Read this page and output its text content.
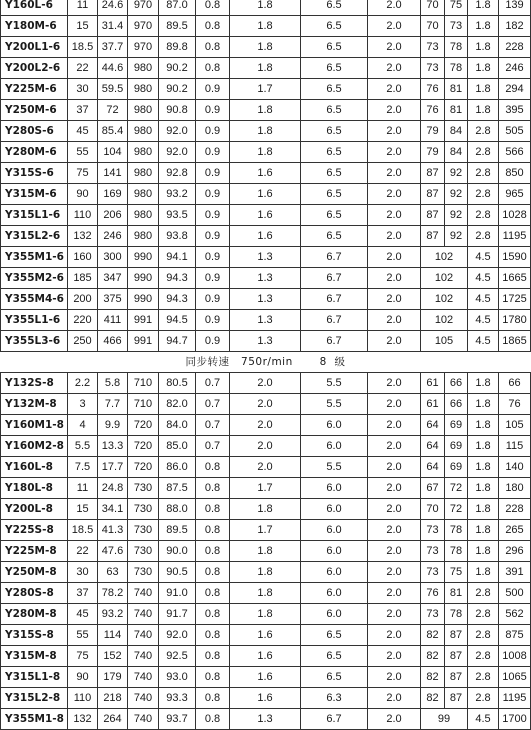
Y160L-6	11	24.6	970	87.0	0.8	1.8	6.5	2.0	70	75	1.8	139
Y180M-6	15	31.4	970	89.5	0.8	1.8	6.5	2.0	70	73	1.8	182
Y200L1-6	18.5	37.7	970	89.8	0.8	1.8	6.5	2.0	73	78	1.8	228
Y200L2-6	22	44.6	980	90.2	0.8	1.8	6.5	2.0	73	78	1.8	246
Y225M-6	30	59.5	980	90.2	0.9	1.7	6.5	2.0	76	81	1.8	294
Y250M-6	37	72	980	90.8	0.9	1.8	6.5	2.0	76	81	1.8	395
Y280S-6	45	85.4	980	92.0	0.9	1.8	6.5	2.0	79	84	2.8	505
Y280M-6	55	104	980	92.0	0.9	1.8	6.5	2.0	79	84	2.8	566
Y315S-6	75	141	980	92.8	0.9	1.6	6.5	2.0	87	92	2.8	850
Y315M-6	90	169	980	93.2	0.9	1.6	6.5	2.0	87	92	2.8	965
Y315L1-6	110	206	980	93.5	0.9	1.6	6.5	2.0	87	92	2.8	1028
Y315L2-6	132	246	980	93.8	0.9	1.6	6.5	2.0	87	92	2.8	1195
Y355M1-6	160	300	990	94.1	0.9	1.3	6.7	2.0	102		4.5	1590
Y355M2-6	185	347	990	94.3	0.9	1.3	6.7	2.0	102		4.5	1665
Y355M4-6	200	375	990	94.3	0.9	1.3	6.7	2.0	102		4.5	1725
Y355L1-6	220	411	991	94.5	0.9	1.3	6.7	2.0	102		4.5	1780
Y355L3-6	250	466	991	94.7	0.9	1.3	6.7	2.0	105		4.5	1865
同步转速   750r/min       8  级												
Y132S-8	2.2	5.8	710	80.5	0.7	2.0	5.5	2.0	61	66	1.8	66
Y132M-8	3	7.7	710	82.0	0.7	2.0	5.5	2.0	61	66	1.8	76
Y160M1-8	4	9.9	720	84.0	0.7	2.0	6.0	2.0	64	69	1.8	105
Y160M2-8	5.5	13.3	720	85.0	0.7	2.0	6.0	2.0	64	69	1.8	115
Y160L-8	7.5	17.7	720	86.0	0.8	2.0	5.5	2.0	64	69	1.8	140
Y180L-8	11	24.8	730	87.5	0.8	1.7	6.0	2.0	67	72	1.8	180
Y200L-8	15	34.1	730	88.0	0.8	1.8	6.0	2.0	70	72	1.8	228
Y225S-8	18.5	41.3	730	89.5	0.8	1.7	6.0	2.0	73	78	1.8	265
Y225M-8	22	47.6	730	90.0	0.8	1.8	6.0	2.0	73	78	1.8	296
Y250M-8	30	63	730	90.5	0.8	1.8	6.0	2.0	73	75	1.8	391
Y280S-8	37	78.2	740	91.0	0.8	1.8	6.0	2.0	76	81	2.8	500
Y280M-8	45	93.2	740	91.7	0.8	1.8	6.0	2.0	73	78	2.8	562
Y315S-8	55	114	740	92.0	0.8	1.6	6.5	2.0	82	87	2.8	875
Y315M-8	75	152	740	92.5	0.8	1.6	6.5	2.0	82	87	2.8	1008
Y315L1-8	90	179	740	93.0	0.8	1.6	6.5	2.0	82	87	2.8	1065
Y315L2-8	110	218	740	93.3	0.8	1.6	6.3	2.0	82	87	2.8	1195
Y355M1-8	132	264	740	93.7	0.8	1.3	6.7	2.0	99		4.5	1700
